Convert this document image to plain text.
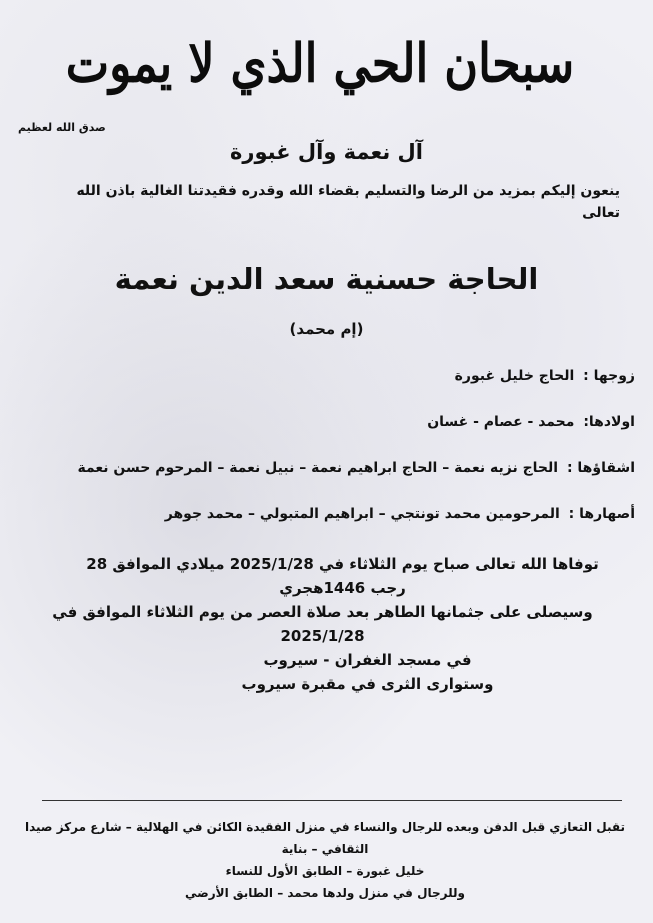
سبحان الحي الذي لا يموت
صدق الله لعظيم
آل نعمة وآل غبورة
ينعون إليكم بمزيد من الرضا والتسليم بقضاء الله وقدره فقيدتنا الغالية باذن الله تعالى
الحاجة حسنية سعد الدين نعمة
(إم محمد)
زوجها : الحاج خليل غبورة
اولادها: محمد - عصام - غسان
اشقاؤها : الحاج نزيه نعمة – الحاج ابراهيم نعمة – نبيل نعمة – المرحوم حسن نعمة
أصهارها : المرحومين محمد تونتجي – ابراهيم المتبولي – محمد جوهر
توفاها الله تعالى صباح يوم الثلاثاء في 2025/1/28 ميلادي الموافق 28 رجب 1446هجري
وسيصلى على جثمانها الطاهر بعد صلاة العصر من يوم الثلاثاء الموافق في 2025/1/28
في مسجد الغفران - سيروب
وستوارى الثرى في مقبرة سيروب
تقبل التعازي قبل الدفن وبعده للرجال والنساء في منزل الفقيدة الكائن في الهلالية – شارع مركز صيدا الثقافي – بناية
خليل غبورة – الطابق الأول للنساء
وللرجال في منزل ولدها محمد – الطابق الأرضي
